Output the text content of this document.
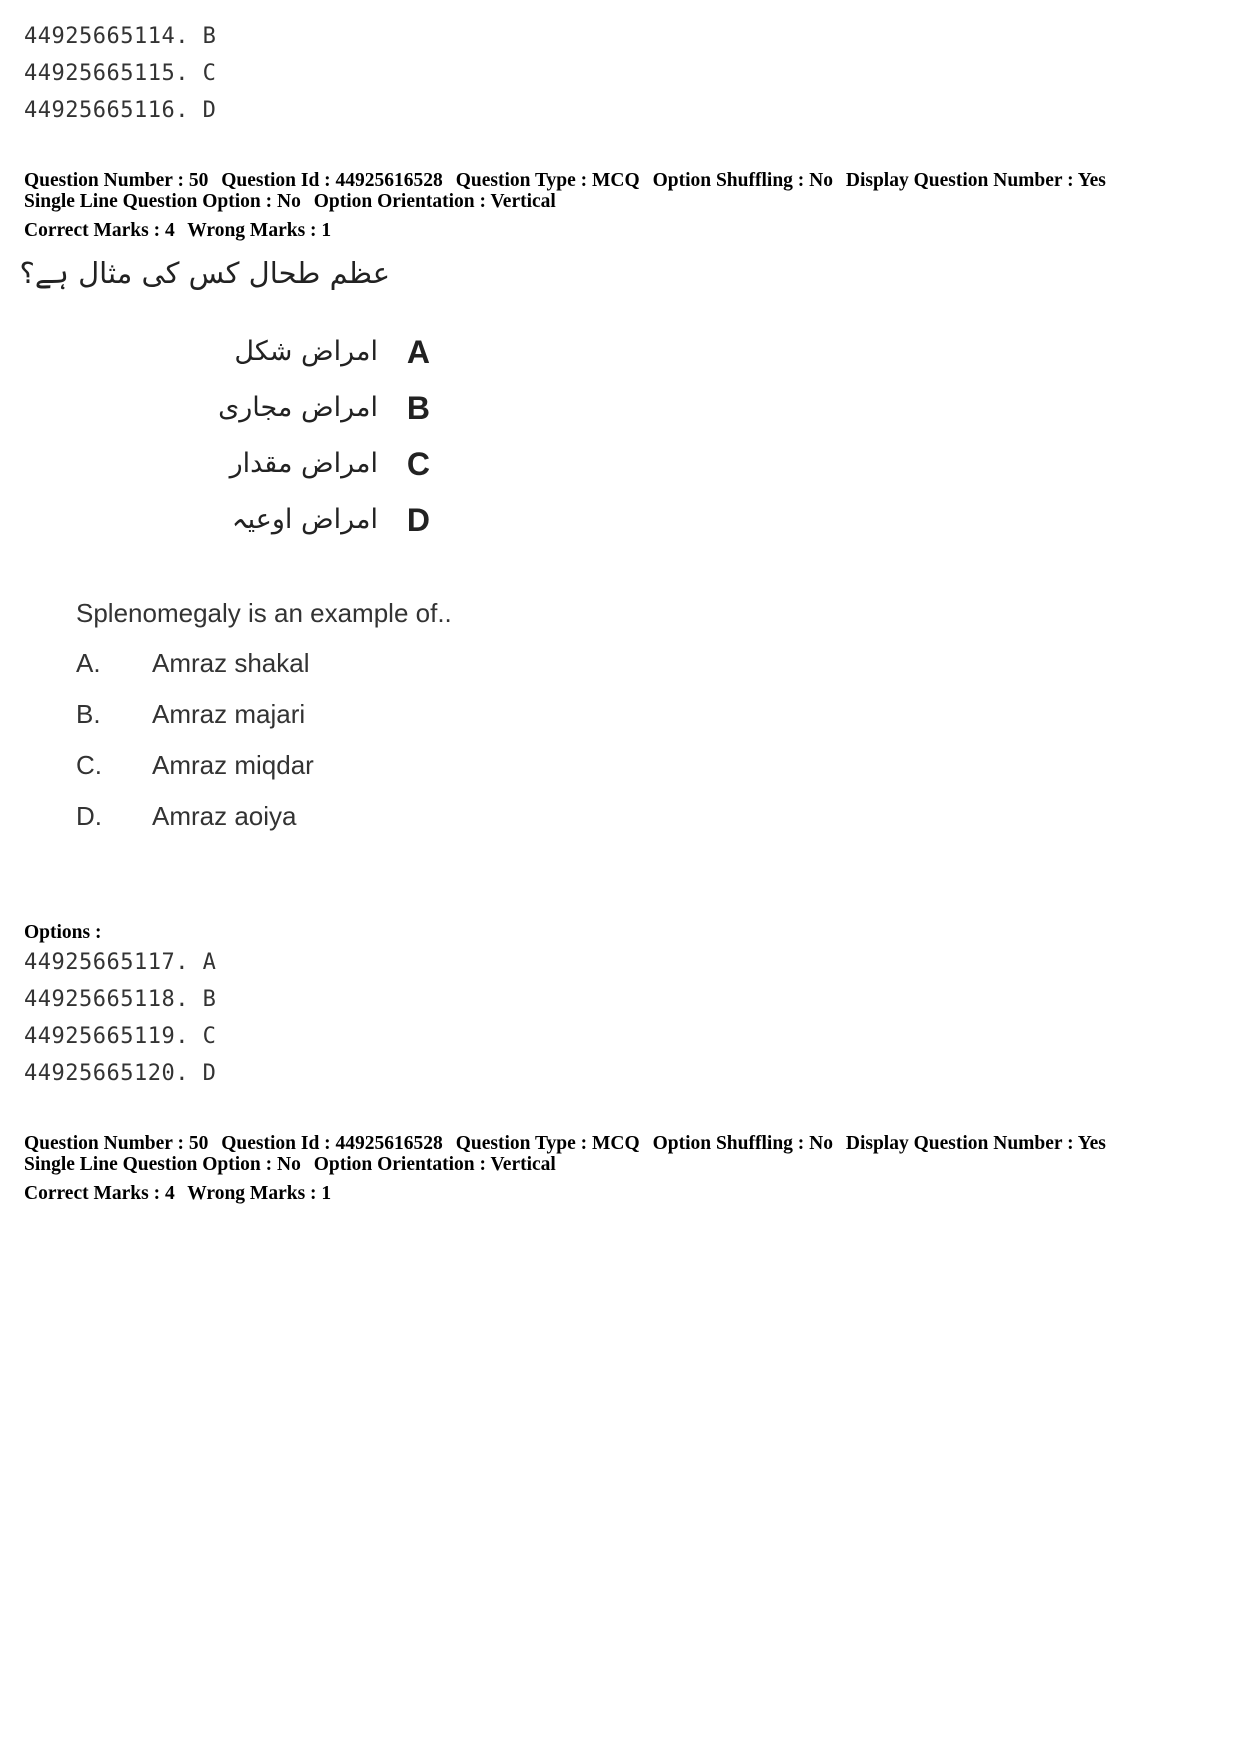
44925665114. B
44925665115. C
44925665116. D
Question Number : 50 Question Id : 44925616528 Question Type : MCQ Option Shuffling : No Display Question Number : Yes
Single Line Question Option : No Option Orientation : Vertical
Correct Marks : 4 Wrong Marks : 1
عظم طحال کس کی مثال ہے؟
A
امراض شکل
B
امراض مجاری
C
امراض مقدار
D
امراض اوعیہ
Splenomegaly is an example of..
A. Amraz shakal
B. Amraz majari
C. Amraz miqdar
D. Amraz aoiya
Options :
44925665117. A
44925665118. B
44925665119. C
44925665120. D
Question Number : 50 Question Id : 44925616528 Question Type : MCQ Option Shuffling : No Display Question Number : Yes
Single Line Question Option : No Option Orientation : Vertical
Correct Marks : 4 Wrong Marks : 1
